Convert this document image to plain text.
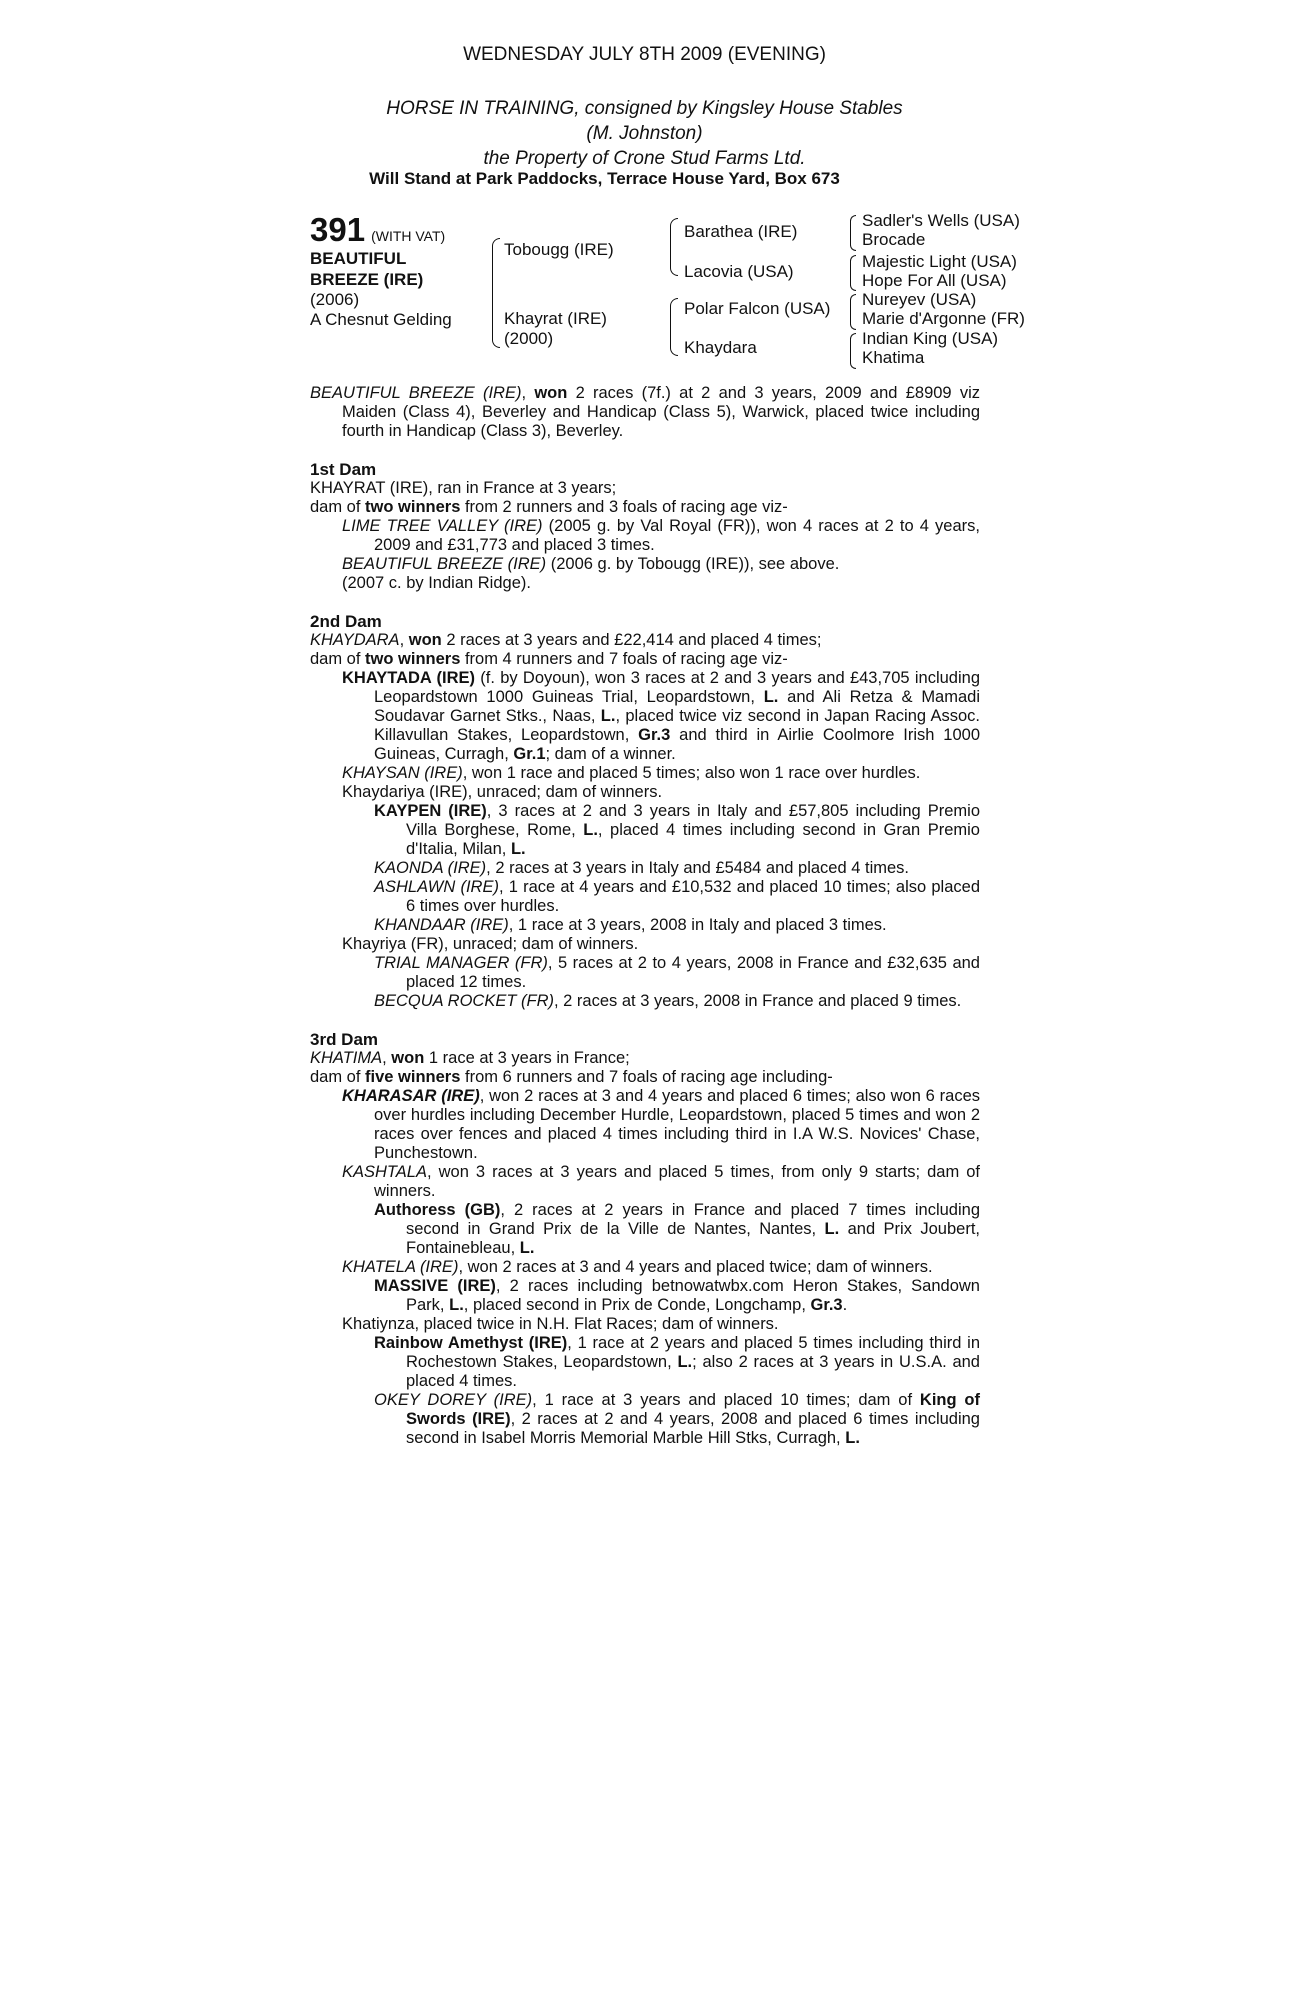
WEDNESDAY JULY 8TH 2009 (EVENING)
HORSE IN TRAINING, consigned by Kingsley House Stables
(M. Johnston)
the Property of Crone Stud Farms Ltd.
Will Stand at Park Paddocks, Terrace House Yard, Box 673
391 (WITH VAT)
BEAUTIFUL
BREEZE (IRE)
(2006)
A Chesnut Gelding
Tobougg (IRE)
Khayrat (IRE)
(2000)
Barathea (IRE)
Lacovia (USA)
Polar Falcon (USA)
Khaydara
Sadler's Wells (USA)
Brocade
Majestic Light (USA)
Hope For All (USA)
Nureyev (USA)
Marie d'Argonne (FR)
Indian King (USA)
Khatima
BEAUTIFUL BREEZE (IRE), won 2 races (7f.) at 2 and 3 years, 2009 and £8909 viz Maiden (Class 4), Beverley and Handicap (Class 5), Warwick, placed twice including fourth in Handicap (Class 3), Beverley.
1st Dam
KHAYRAT (IRE), ran in France at 3 years;
dam of two winners from 2 runners and 3 foals of racing age viz-
LIME TREE VALLEY (IRE) (2005 g. by Val Royal (FR)), won 4 races at 2 to 4 years, 2009 and £31,773 and placed 3 times.
BEAUTIFUL BREEZE (IRE) (2006 g. by Tobougg (IRE)), see above.
(2007 c. by Indian Ridge).
2nd Dam
KHAYDARA, won 2 races at 3 years and £22,414 and placed 4 times;
dam of two winners from 4 runners and 7 foals of racing age viz-
KHAYTADA (IRE) (f. by Doyoun), won 3 races at 2 and 3 years and £43,705 including Leopardstown 1000 Guineas Trial, Leopardstown, L. and Ali Retza & Mamadi Soudavar Garnet Stks., Naas, L., placed twice viz second in Japan Racing Assoc. Killavullan Stakes, Leopardstown, Gr.3 and third in Airlie Coolmore Irish 1000 Guineas, Curragh, Gr.1; dam of a winner.
KHAYSAN (IRE), won 1 race and placed 5 times; also won 1 race over hurdles.
Khaydariya (IRE), unraced; dam of winners.
KAYPEN (IRE), 3 races at 2 and 3 years in Italy and £57,805 including Premio Villa Borghese, Rome, L., placed 4 times including second in Gran Premio d'Italia, Milan, L.
KAONDA (IRE), 2 races at 3 years in Italy and £5484 and placed 4 times.
ASHLAWN (IRE), 1 race at 4 years and £10,532 and placed 10 times; also placed 6 times over hurdles.
KHANDAAR (IRE), 1 race at 3 years, 2008 in Italy and placed 3 times.
Khayriya (FR), unraced; dam of winners.
TRIAL MANAGER (FR), 5 races at 2 to 4 years, 2008 in France and £32,635 and placed 12 times.
BECQUA ROCKET (FR), 2 races at 3 years, 2008 in France and placed 9 times.
3rd Dam
KHATIMA, won 1 race at 3 years in France;
dam of five winners from 6 runners and 7 foals of racing age including-
KHARASAR (IRE), won 2 races at 3 and 4 years and placed 6 times; also won 6 races over hurdles including December Hurdle, Leopardstown, placed 5 times and won 2 races over fences and placed 4 times including third in I.A W.S. Novices' Chase, Punchestown.
KASHTALA, won 3 races at 3 years and placed 5 times, from only 9 starts; dam of winners.
Authoress (GB), 2 races at 2 years in France and placed 7 times including second in Grand Prix de la Ville de Nantes, Nantes, L. and Prix Joubert, Fontainebleau, L.
KHATELA (IRE), won 2 races at 3 and 4 years and placed twice; dam of winners.
MASSIVE (IRE), 2 races including betnowatwbx.com Heron Stakes, Sandown Park, L., placed second in Prix de Conde, Longchamp, Gr.3.
Khatiynza, placed twice in N.H. Flat Races; dam of winners.
Rainbow Amethyst (IRE), 1 race at 2 years and placed 5 times including third in Rochestown Stakes, Leopardstown, L.; also 2 races at 3 years in U.S.A. and placed 4 times.
OKEY DOREY (IRE), 1 race at 3 years and placed 10 times; dam of King of Swords (IRE), 2 races at 2 and 4 years, 2008 and placed 6 times including second in Isabel Morris Memorial Marble Hill Stks, Curragh, L.
